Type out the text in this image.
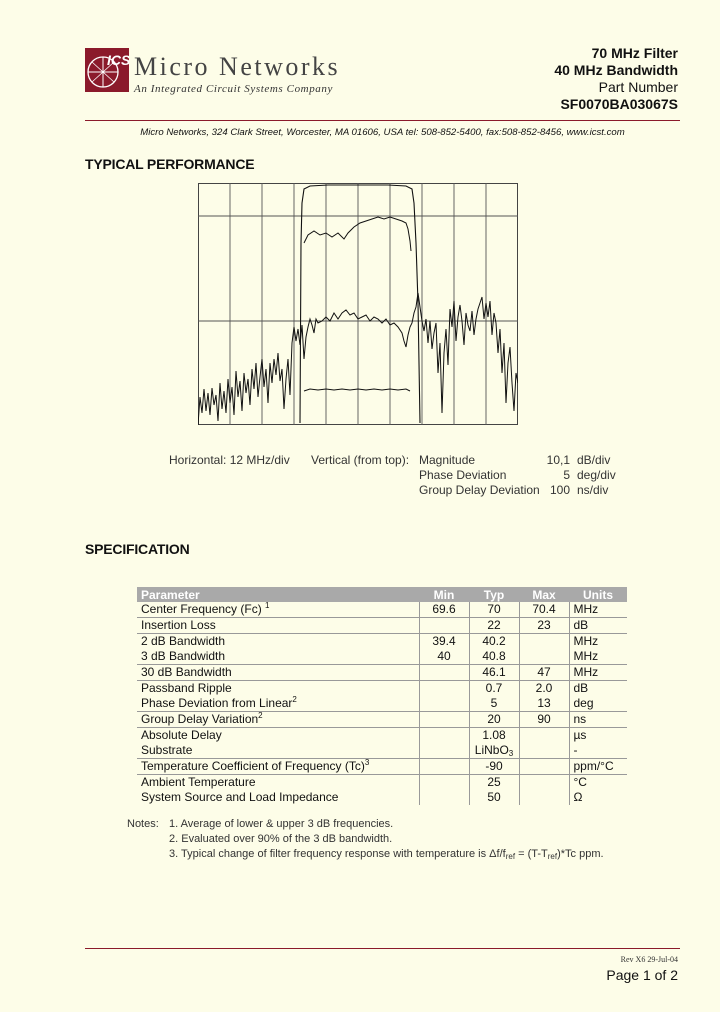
ICS Micro Networks
An Integrated Circuit Systems Company
70 MHz Filter
40 MHz Bandwidth
Part Number
SF0070BA03067S
Micro Networks, 324 Clark Street, Worcester, MA 01606, USA tel: 508-852-5400, fax:508-852-8456, www.icst.com
TYPICAL PERFORMANCE
Horizontal: 12 MHz/div Vertical (from top): Magnitude	10,1 dB/div
Phase Deviation	5 deg/div
Group Delay Deviation 100 ns/div
SPECIFICATION
Parameter	Min	Typ	Max	Units
Center Frequency (Fc) $^1$	69.6	70	70.4	MHz
Insertion Loss		22	23	dB
2 dB Bandwidth	39.4	40.2		MHz
3 dB Bandwidth	40	40.8		MHz
30 dB Bandwidth		46.1	47	MHz
Passband Ripple		0.7	2.0	dB
Phase Deviation from Linear$^2$		5	13	deg
Group Delay Variation$^2$		20	90	ns
Absolute Delay		1.08		µs
Substrate		LiNbO$_3$		-
Temperature Coefficient of Frequency $(Tc)^3$		-90		ppm/°C
Ambient Temperature		25		°C
System Source and Load Impedance		50		Ω
Notes: 1. Average of lower & upper 3 dB frequencies.
2. Evaluated over 90% of the 3 dB bandwidth.
3. Typical change of filter frequency response with temperature is $\Delta f/f_{ref} = (T-T_{ref})*Tc$ ppm.
Rev X6 29-Jul-04
Page 1 of 2
